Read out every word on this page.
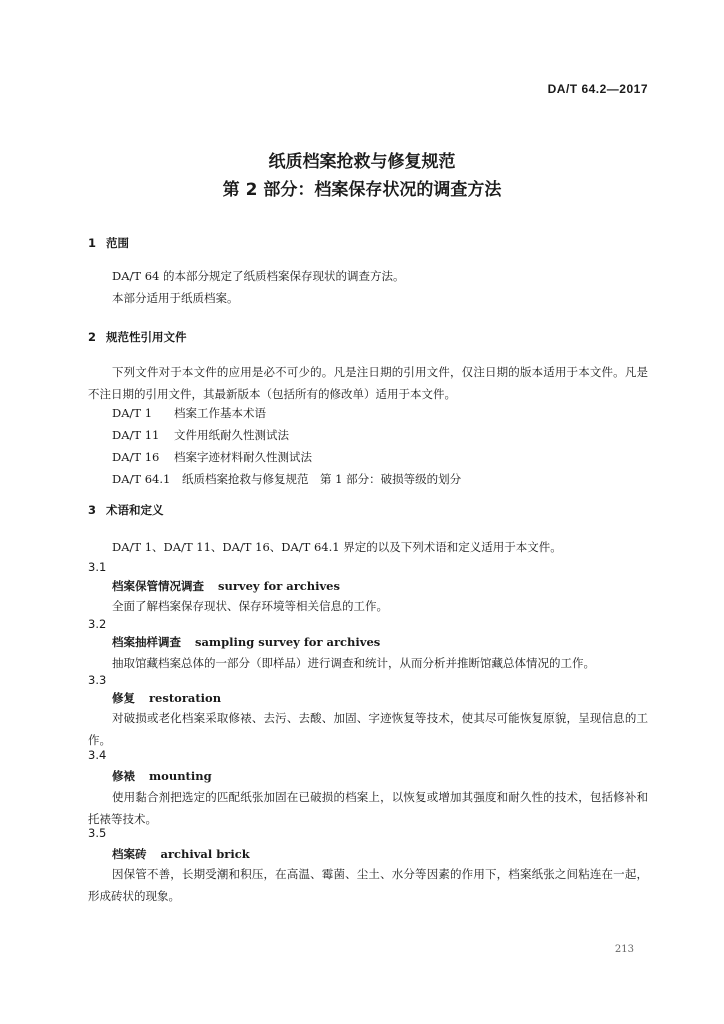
DA/T 64.2—2017
纸质档案抢救与修复规范
第 2 部分：档案保存状况的调查方法
1 范围
DA/T 64 的本部分规定了纸质档案保存现状的调查方法。
本部分适用于纸质档案。
2 规范性引用文件
下列文件对于本文件的应用是必不可少的。凡是注日期的引用文件，仅注日期的版本适用于本文件。凡是不注日期的引用文件，其最新版本（包括所有的修改单）适用于本文件。
DA/T 1 档案工作基本术语
DA/T 11 文件用纸耐久性测试法
DA/T 16 档案字迹材料耐久性测试法
DA/T 64.1 纸质档案抢救与修复规范　第 1 部分：破损等级的划分
3 术语和定义
DA/T 1、DA/T 11、DA/T 16、DA/T 64.1 界定的以及下列术语和定义适用于本文件。
3.1
档案保管情况调查 survey for archives
全面了解档案保存现状、保存环境等相关信息的工作。
3.2
档案抽样调查 sampling survey for archives
抽取馆藏档案总体的一部分（即样品）进行调查和统计，从而分析并推断馆藏总体情况的工作。
3.3
修复 restoration
对破损或老化档案采取修裱、去污、去酸、加固、字迹恢复等技术，使其尽可能恢复原貌，呈现信息的工作。
3.4
修裱 mounting
使用黏合剂把选定的匹配纸张加固在已破损的档案上，以恢复或增加其强度和耐久性的技术，包括修补和托裱等技术。
3.5
档案砖 archival brick
因保管不善，长期受潮和积压，在高温、霉菌、尘土、水分等因素的作用下，档案纸张之间粘连在一起，形成砖状的现象。
213
